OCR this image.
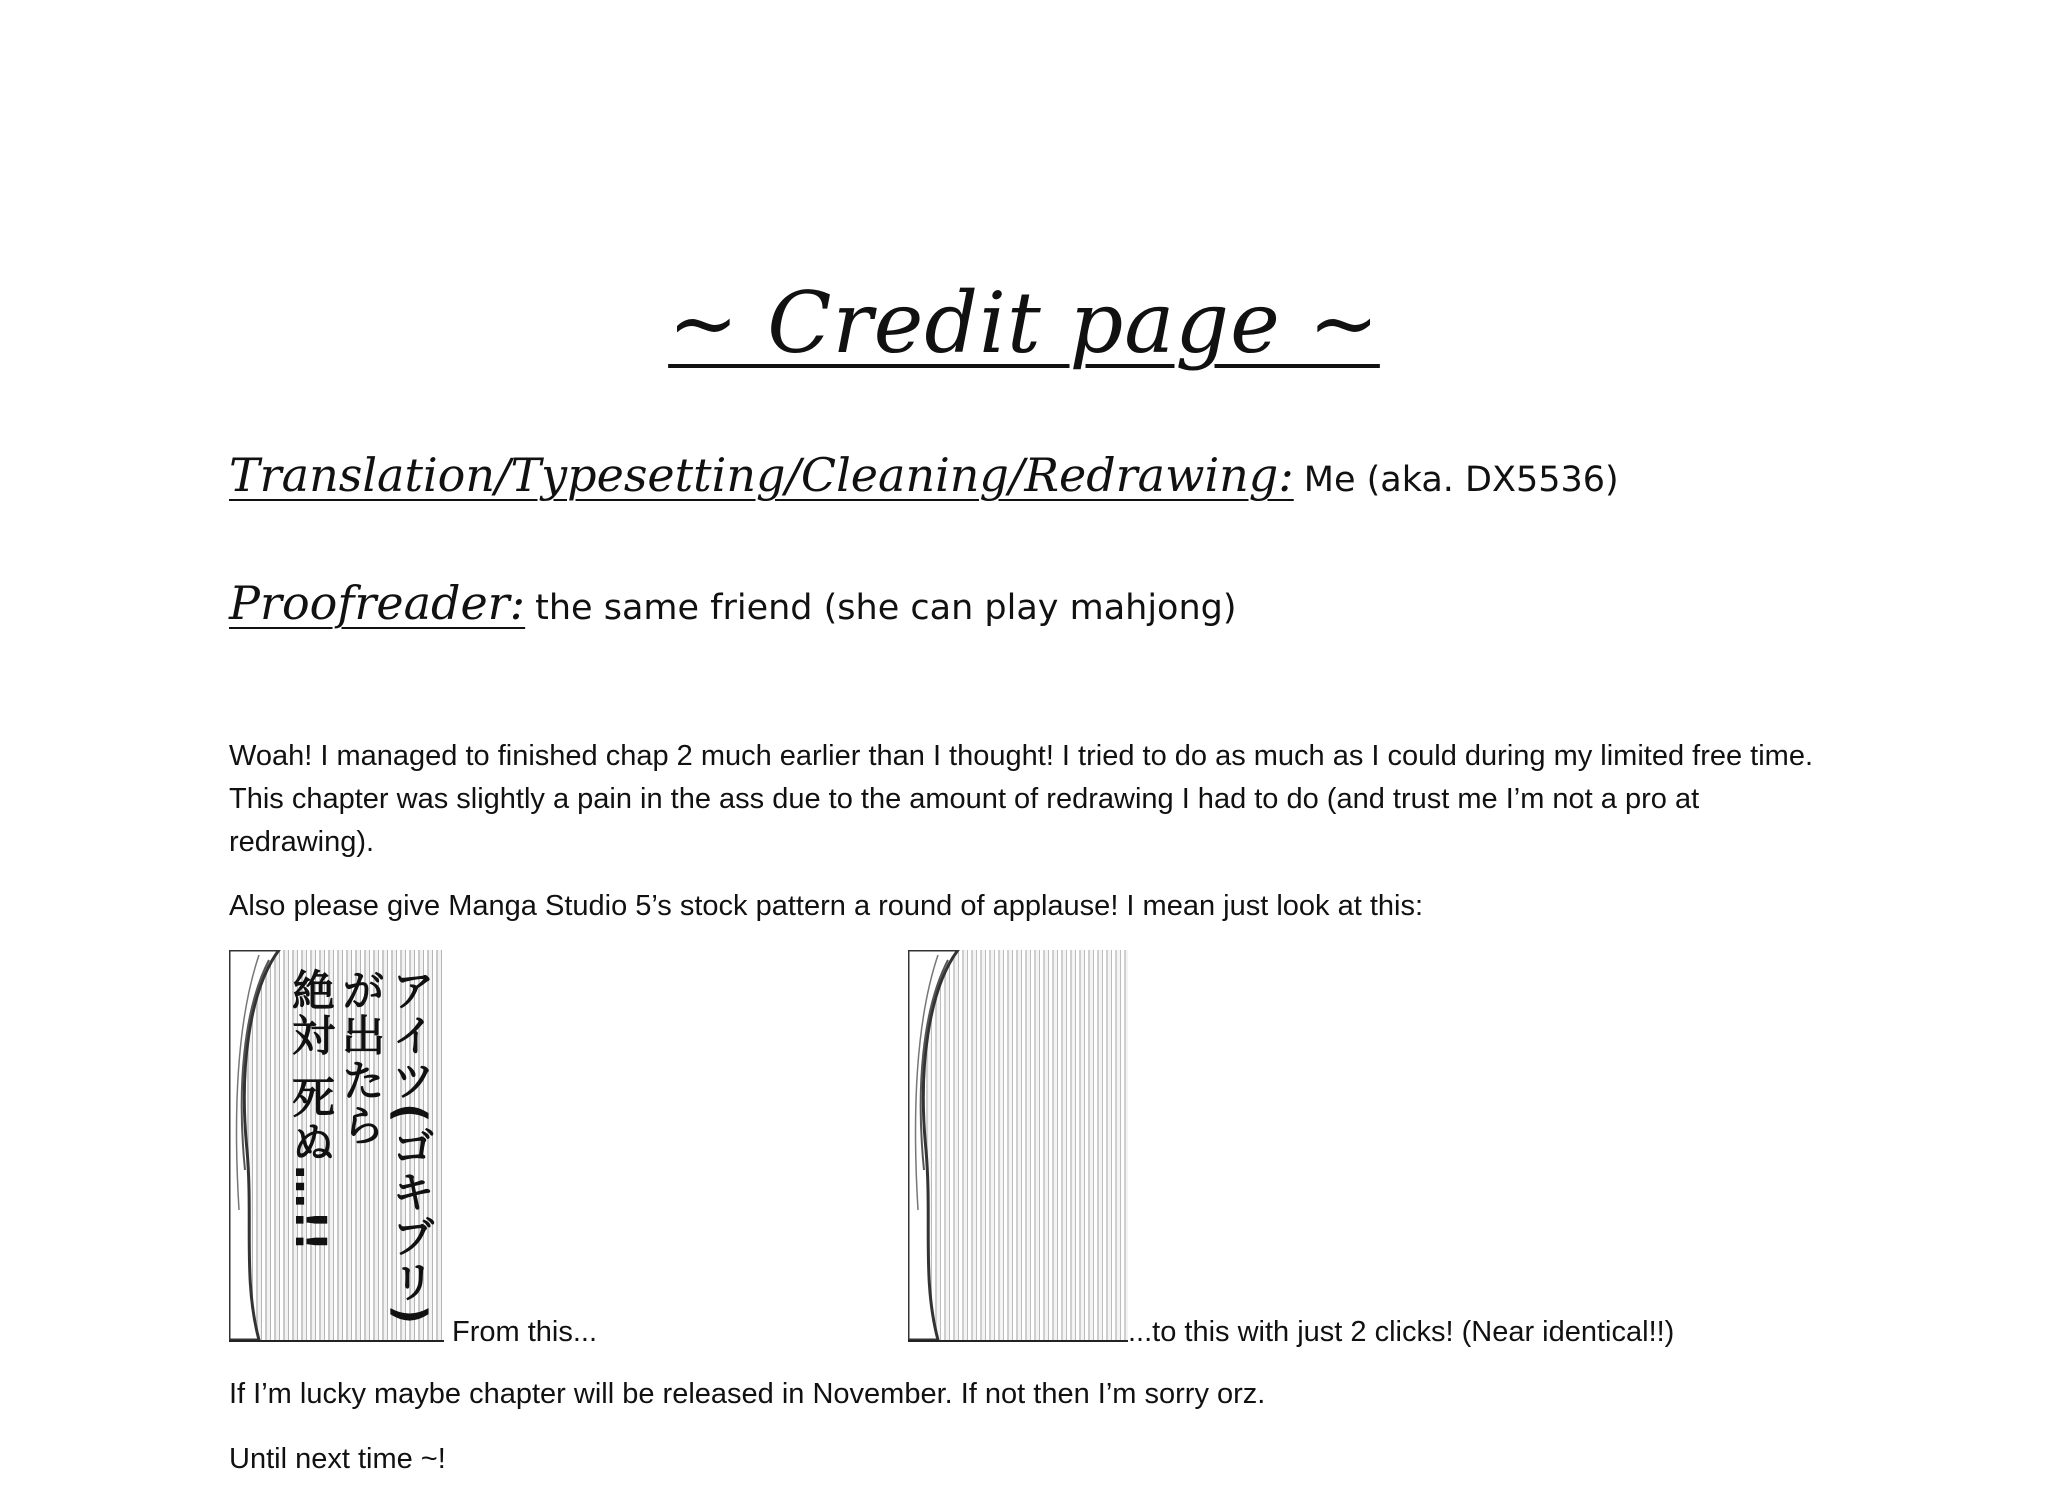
~ Credit page ~
Translation/Typesetting/Cleaning/Redrawing: Me (aka. DX5536)
Proofreader: the same friend (she can play mahjong)

Woah! I managed to finished chap 2 much earlier than I thought! I tried to do as much as I could during my limited free time. This chapter was slightly a pain in the ass due to the amount of redrawing I had to do (and trust me I’m not a pro at redrawing).

Also please give Manga Studio 5’s stock pattern a round of applause! I mean just look at this:

アイツ(ゴキブリ)
が出たら
絶対 死ぬ…!!
From this...	...to this with just 2 clicks! (Near identical!!)

If I’m lucky maybe chapter will be released in November. If not then I’m sorry orz.

Until next time ~!
